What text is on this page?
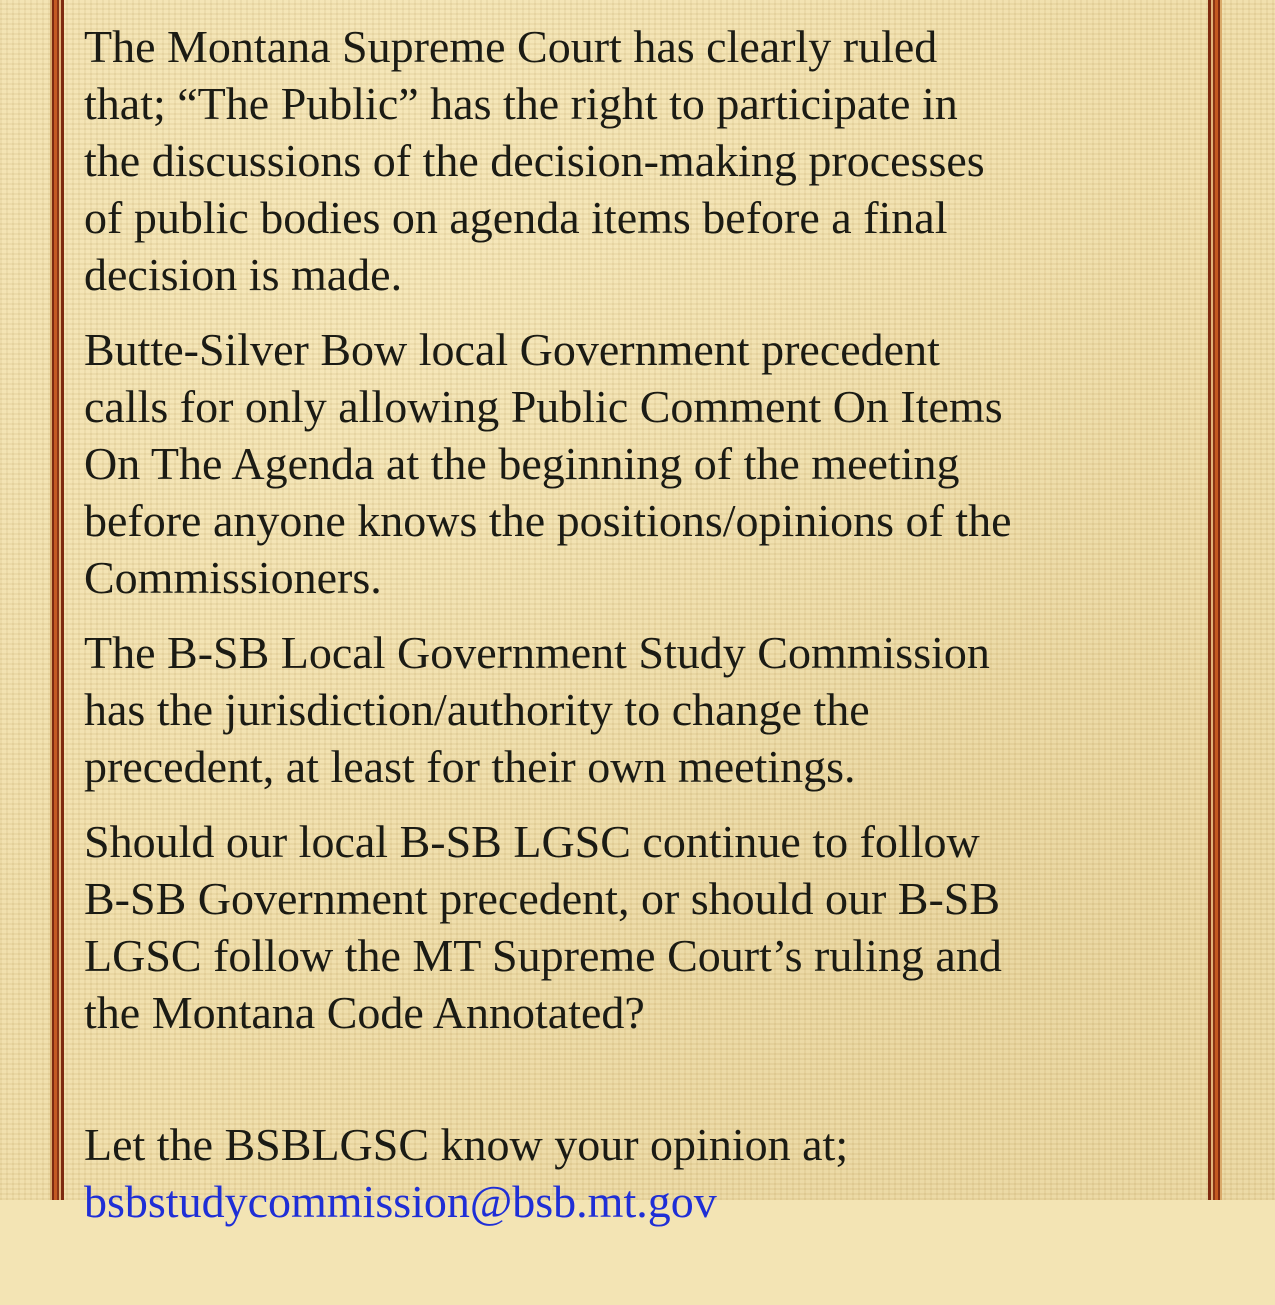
The Montana Supreme Court has clearly ruled
that; “The Public” has the right to participate in
the discussions of the decision-making processes
of public bodies on agenda items before a final
decision is made.

Butte-Silver Bow local Government precedent
calls for only allowing Public Comment On Items
On The Agenda at the beginning of the meeting
before anyone knows the positions/opinions of the
Commissioners.

The B-SB Local Government Study Commission
has the jurisdiction/authority to change the
precedent, at least for their own meetings.

Should our local B-SB LGSC continue to follow
B-SB Government precedent, or should our B-SB
LGSC follow the MT Supreme Court’s ruling and
the Montana Code Annotated?

Let the BSBLGSC know your opinion at;

bsbstudycommission@bsb.mt.gov
